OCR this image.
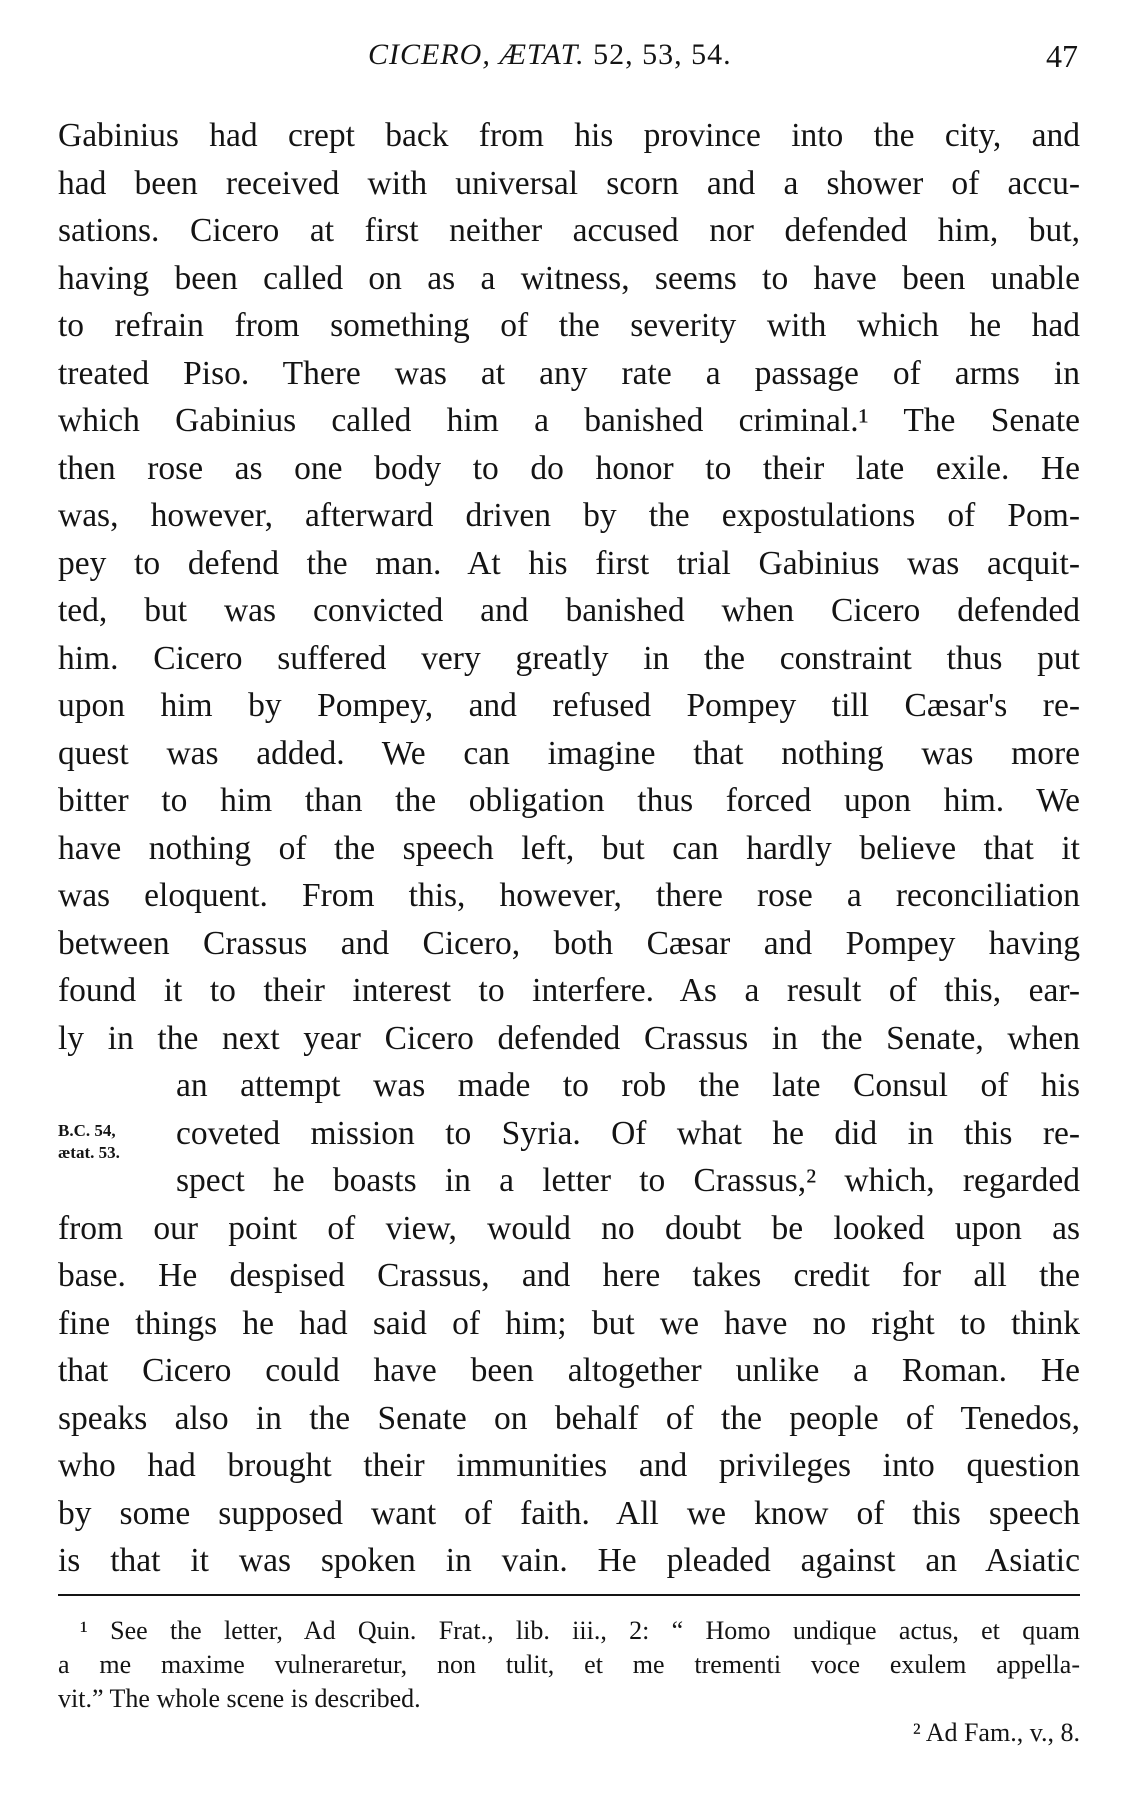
CICERO, ÆTAT. 52, 53, 54.	47
Gabinius had crept back from his province into the city, and
had been received with universal scorn and a shower of accu-
sations. Cicero at first neither accused nor defended him, but,
having been called on as a witness, seems to have been unable
to refrain from something of the severity with which he had
treated Piso. There was at any rate a passage of arms in
which Gabinius called him a banished criminal.¹ The Senate
then rose as one body to do honor to their late exile. He
was, however, afterward driven by the expostulations of Pom-
pey to defend the man. At his first trial Gabinius was acquit-
ted, but was convicted and banished when Cicero defended
him. Cicero suffered very greatly in the constraint thus put
upon him by Pompey, and refused Pompey till Cæsar's re-
quest was added. We can imagine that nothing was more
bitter to him than the obligation thus forced upon him. We
have nothing of the speech left, but can hardly believe that it
was eloquent. From this, however, there rose a reconciliation
between Crassus and Cicero, both Cæsar and Pompey having
found it to their interest to interfere. As a result of this, ear-
ly in the next year Cicero defended Crassus in the Senate, when
an attempt was made to rob the late Consul of his
coveted mission to Syria. Of what he did in this re-
spect he boasts in a letter to Crassus,² which, regarded
from our point of view, would no doubt be looked upon as
base. He despised Crassus, and here takes credit for all the
fine things he had said of him; but we have no right to think
that Cicero could have been altogether unlike a Roman. He
speaks also in the Senate on behalf of the people of Tenedos,
who had brought their immunities and privileges into question
by some supposed want of faith. All we know of this speech
is that it was spoken in vain. He pleaded against an Asiatic
B.C. 54,
ætat. 53.
¹ See the letter, Ad Quin. Frat., lib. iii., 2: “ Homo undique actus, et quam
a me maxime vulneraretur, non tulit, et me trementi voce exulem appella-
vit.” The whole scene is described.
² Ad Fam., v., 8.
